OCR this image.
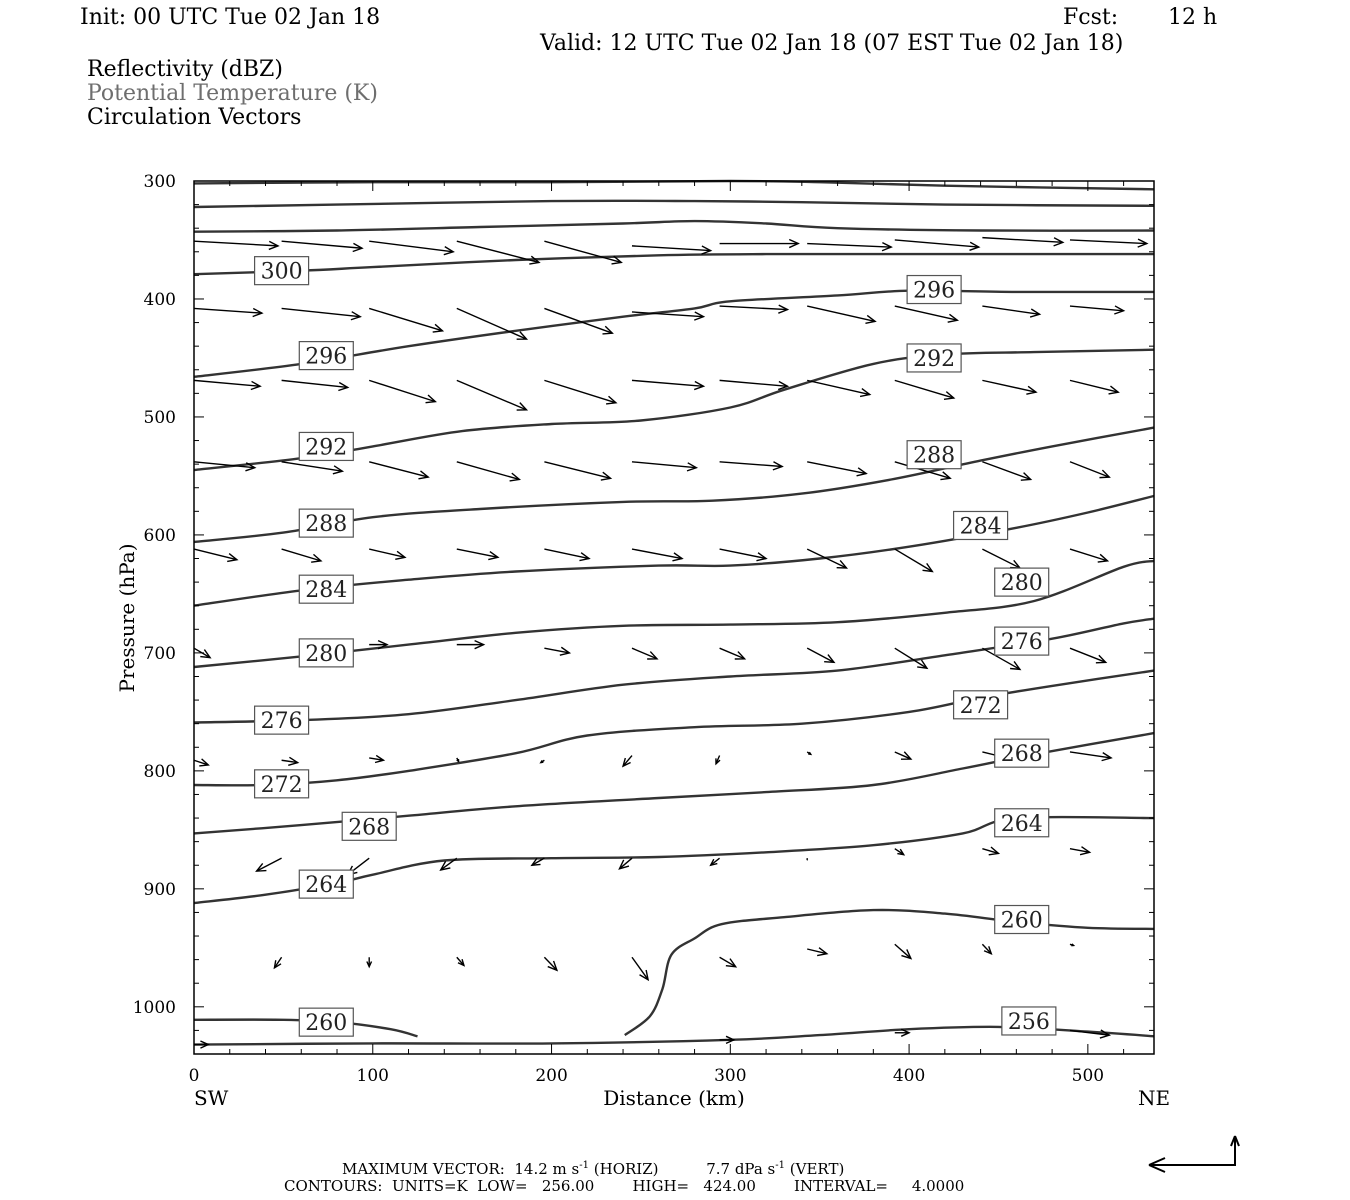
Init: 00 UTC Tue 02 Jan 18	Fcst: 12 h
Valid: 12 UTC Tue 02 Jan 18 (07 EST Tue 02 Jan 18)
Reflectivity (dBZ)
Potential Temperature (K)
Circulation Vectors
300
296
296
292
292
288
288
284
284
280
280
276
276
272
272
268
268
264
264
260
260
256
0	100	200	300	400	500
300
400
500
600
700
800
900
1000
Distance (km)
SW	NE
Pressure (hPa)
MAXIMUM VECTOR: 14.2 m $s^{-1}$ (HORIZ)	7.7 dPa $s^{-1}$ (VERT)
CONTOURS:  UNITS=K  LOW=   256.00        HIGH=   424.00        INTERVAL=     4.0000
